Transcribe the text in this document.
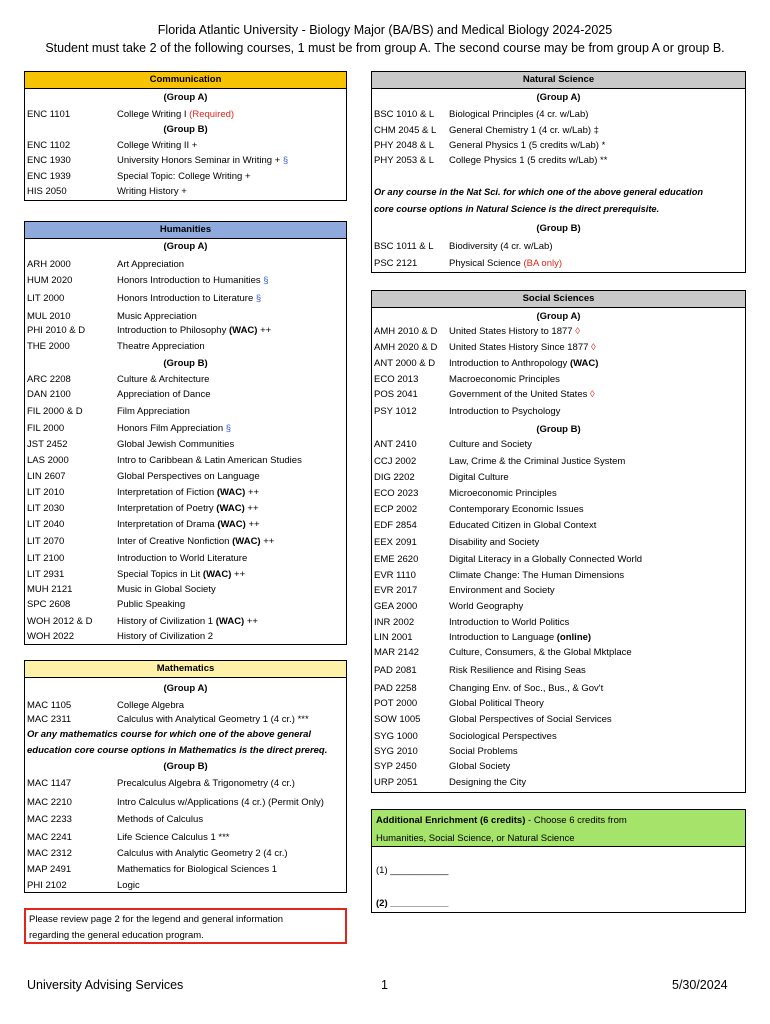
Florida Atlantic University - Biology Major (BA/BS) and Medical Biology 2024-2025
Student must take 2 of the following courses, 1 must be from group A. The second course may be from group A or group B.
Communication
(Group A)
ENC 1101	College Writing I (Required)
(Group B)
ENC 1102	College Writing II +
ENC 1930	University Honors Seminar in Writing + §
ENC 1939	Special Topic: College Writing +
HIS 2050	Writing History +
Humanities
(Group A)
(Group B)
ARH 2000	Art Appreciation
HUM 2020	Honors Introduction to Humanities §
LIT 2000	Honors Introduction to Literature §
MUL 2010	Music Appreciation
PHI 2010 & D	Introduction to Philosophy (WAC) ++
THE 2000	Theatre Appreciation
ARC 2208	Culture & Architecture
DAN 2100	Appreciation of Dance
FIL 2000 & D	Film Appreciation
FIL 2000	Honors Film Appreciation §
JST 2452	Global Jewish Communities
LAS 2000	Intro to Caribbean & Latin American Studies
LIN 2607	Global Perspectives on Language
LIT 2010	Interpretation of Fiction (WAC) ++
LIT 2030	Interpretation of Poetry (WAC) ++
LIT 2040	Interpretation of Drama (WAC) ++
LIT 2070	Inter of Creative Nonfiction (WAC) ++
LIT 2100	Introduction to World Literature
LIT 2931	Special Topics in Lit (WAC) ++
MUH 2121	Music in Global Society
SPC 2608	Public Speaking
WOH 2012 & D	History of Civilization 1 (WAC) ++
WOH 2022	History of Civilization 2
Mathematics
(Group A)
Or any mathematics course for which one of the above general
education core course options in Mathematics is the direct prereq.
(Group B)
MAC 1105	College Algebra
MAC 2311	Calculus with Analytical Geometry 1 (4 cr.) ***
MAC 1147	Precalculus Algebra & Trigonometry (4 cr.)
MAC 2210	Intro Calculus w/Applications (4 cr.) (Permit Only)
MAC 2233	Methods of Calculus
MAC 2241	Life Science Calculus 1 ***
MAC 2312	Calculus with Analytic Geometry 2 (4 cr.)
MAP 2491	Mathematics for Biological Sciences 1
PHI 2102	Logic
Please review page 2 for the legend and general information
regarding the general education program.
Natural Science
(Group A)
Or any course in the Nat Sci. for which one of the above general education
core course options in Natural Science is the direct prerequisite.
(Group B)
BSC 1010 & L Biological Principles (4 cr. w/Lab)
CHM 2045 & L General Chemistry 1 (4 cr. w/Lab) ‡
PHY 2048 & L General Physics 1 (5 credits w/Lab) *
PHY 2053 & L College Physics 1 (5 credits w/Lab) **
BSC 1011 & L Biodiversity (4 cr. w/Lab)
PSC 2121	Physical Science (BA only)
Social Sciences
(Group A)
(Group B)
AMH 2010 & D United States History to 1877 ◊
AMH 2020 & D United States History Since 1877 ◊
ANT 2000 & D Introduction to Anthropology (WAC)
ECO 2013	Macroeconomic Principles
POS 2041	Government of the United States ◊
PSY 1012	Introduction to Psychology
ANT 2410	Culture and Society
CCJ 2002	Law, Crime & the Criminal Justice System
DIG 2202	Digital Culture
ECO 2023	Microeconomic Principles
ECP 2002	Contemporary Economic Issues
EDF 2854	Educated Citizen in Global Context
EEX 2091	Disability and Society
EME 2620	Digital Literacy in a Globally Connected World
EVR 1110	Climate Change: The Human Dimensions
EVR 2017	Environment and Society
GEA 2000	World Geography
INR 2002	Introduction to World Politics
LIN 2001	Introduction to Language (online)
MAR 2142	Culture, Consumers, & the Global Mktplace
PAD 2081	Risk Resilience and Rising Seas
PAD 2258	Changing Env. of Soc., Bus., & Gov't
POT 2000	Global Political Theory
SOW 1005	Global Perspectives of Social Services
SYG 1000	Sociological Perspectives
SYG 2010	Social Problems
SYP 2450	Global Society
URP 2051	Designing the City
Additional Enrichment (6 credits) - Choose 6 credits from
Humanities, Social Science, or Natural Science
(1) ___________
(2) ___________
University Advising Services	1	5/30/2024
